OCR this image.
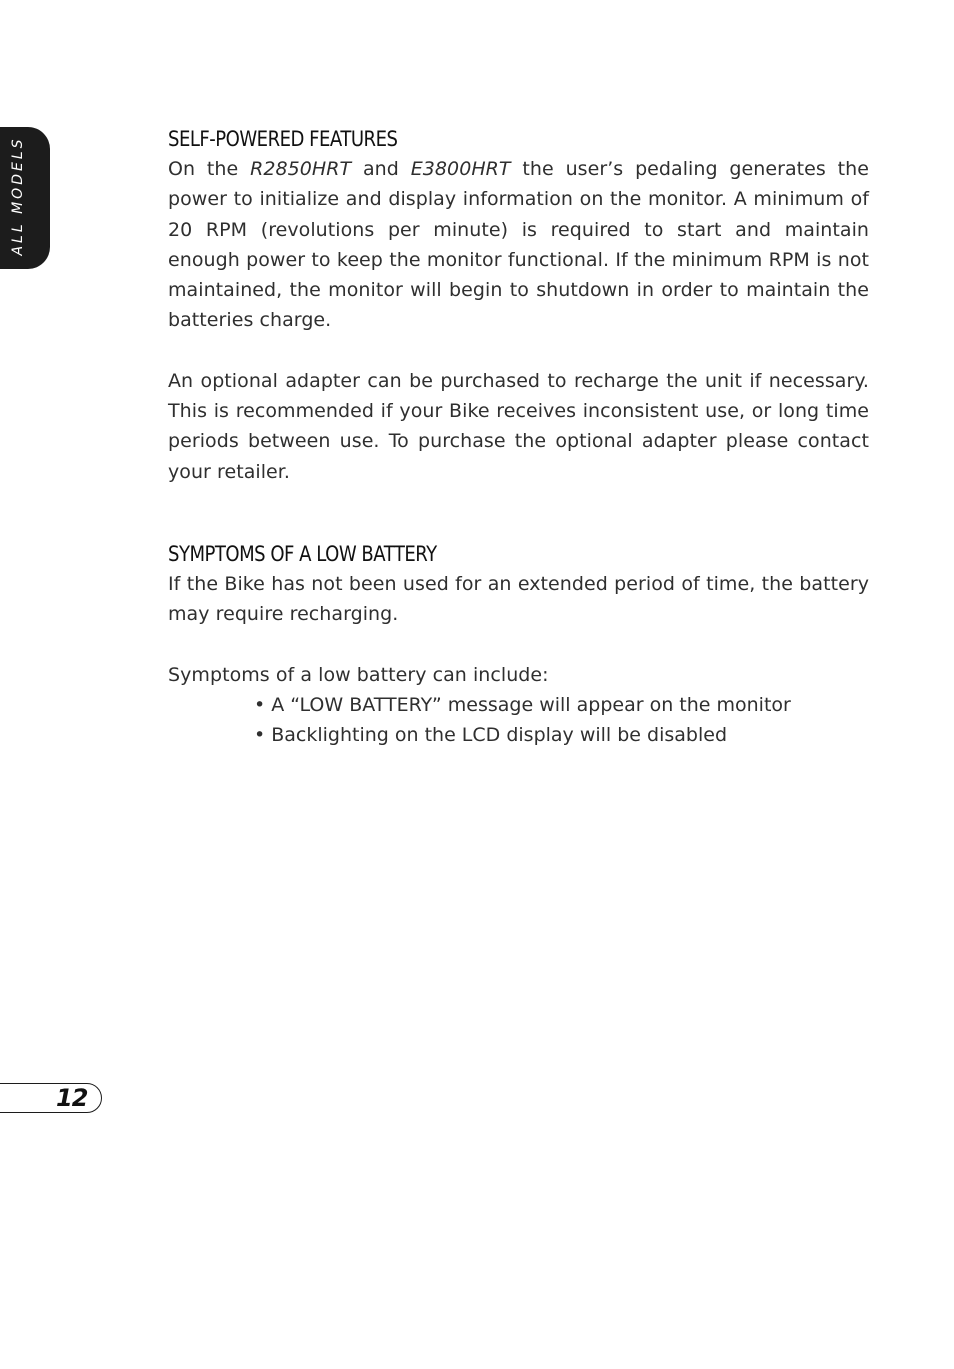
ALL MODELS	SELF-POWERED FEATURES

On the R2850HRT and E3800HRT the user’s pedaling generates the power to initialize and display information on the monitor. A minimum of 20 RPM (revolutions per minute) is required to start and maintain enough power to keep the monitor functional. If the minimum RPM is not maintained, the monitor will begin to shutdown in order to maintain the batteries charge.

An optional adapter can be purchased to recharge the unit if necessary. This is recommended if your Bike receives inconsistent use, or long time periods between use. To purchase the optional adapter please contact your retailer.

SYMPTOMS OF A LOW BATTERY

If the Bike has not been used for an extended period of time, the battery may require recharging.

Symptoms of a low battery can include:

• A “LOW BATTERY” message will appear on the monitor
• Backlighting on the LCD display will be disabled
12
